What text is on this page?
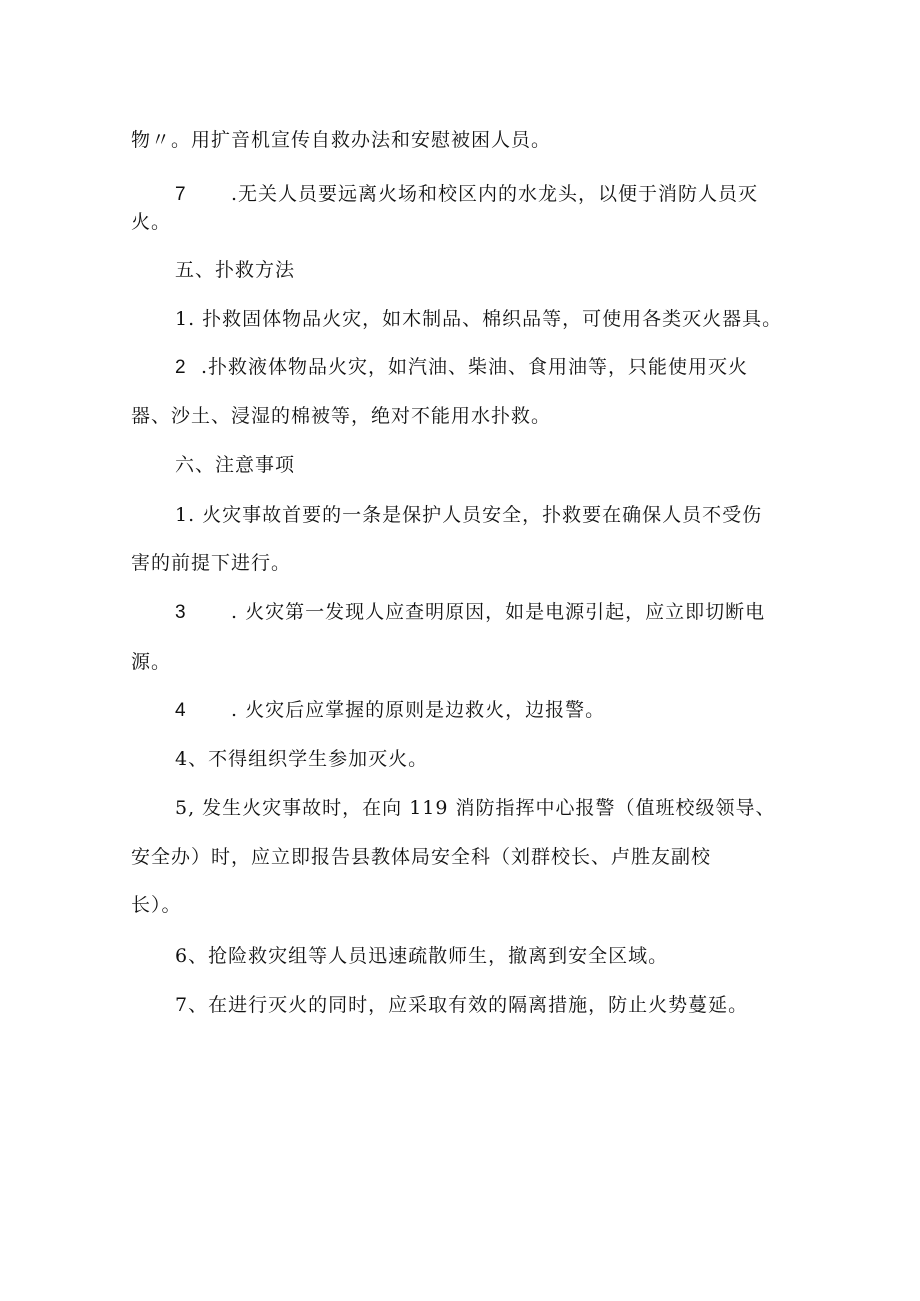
物〃。用扩音机宣传自救办法和安慰被困人员。
7 .无关人员要远离火场和校区内的水龙头，以便于消防人员灭
火。
五、扑救方法
1. 扑救固体物品火灾，如木制品、棉织品等，可使用各类灭火器具。
2 .扑救液体物品火灾，如汽油、柴油、食用油等，只能使用灭火
器、沙土、浸湿的棉被等，绝对不能用水扑救。
六、注意事项
1. 火灾事故首要的一条是保护人员安全，扑救要在确保人员不受伤
害的前提下进行。
3 . 火灾第一发现人应查明原因，如是电源引起，应立即切断电
源。
4 . 火灾后应掌握的原则是边救火，边报警。
4、不得组织学生参加灭火。
5, 发生火灾事故时，在向 119 消防指挥中心报警（值班校级领导、
安全办）时，应立即报告县教体局安全科（刘群校长、卢胜友副校
长）。
6、抢险救灾组等人员迅速疏散师生，撤离到安全区域。
7、在进行灭火的同时，应采取有效的隔离措施，防止火势蔓延。
